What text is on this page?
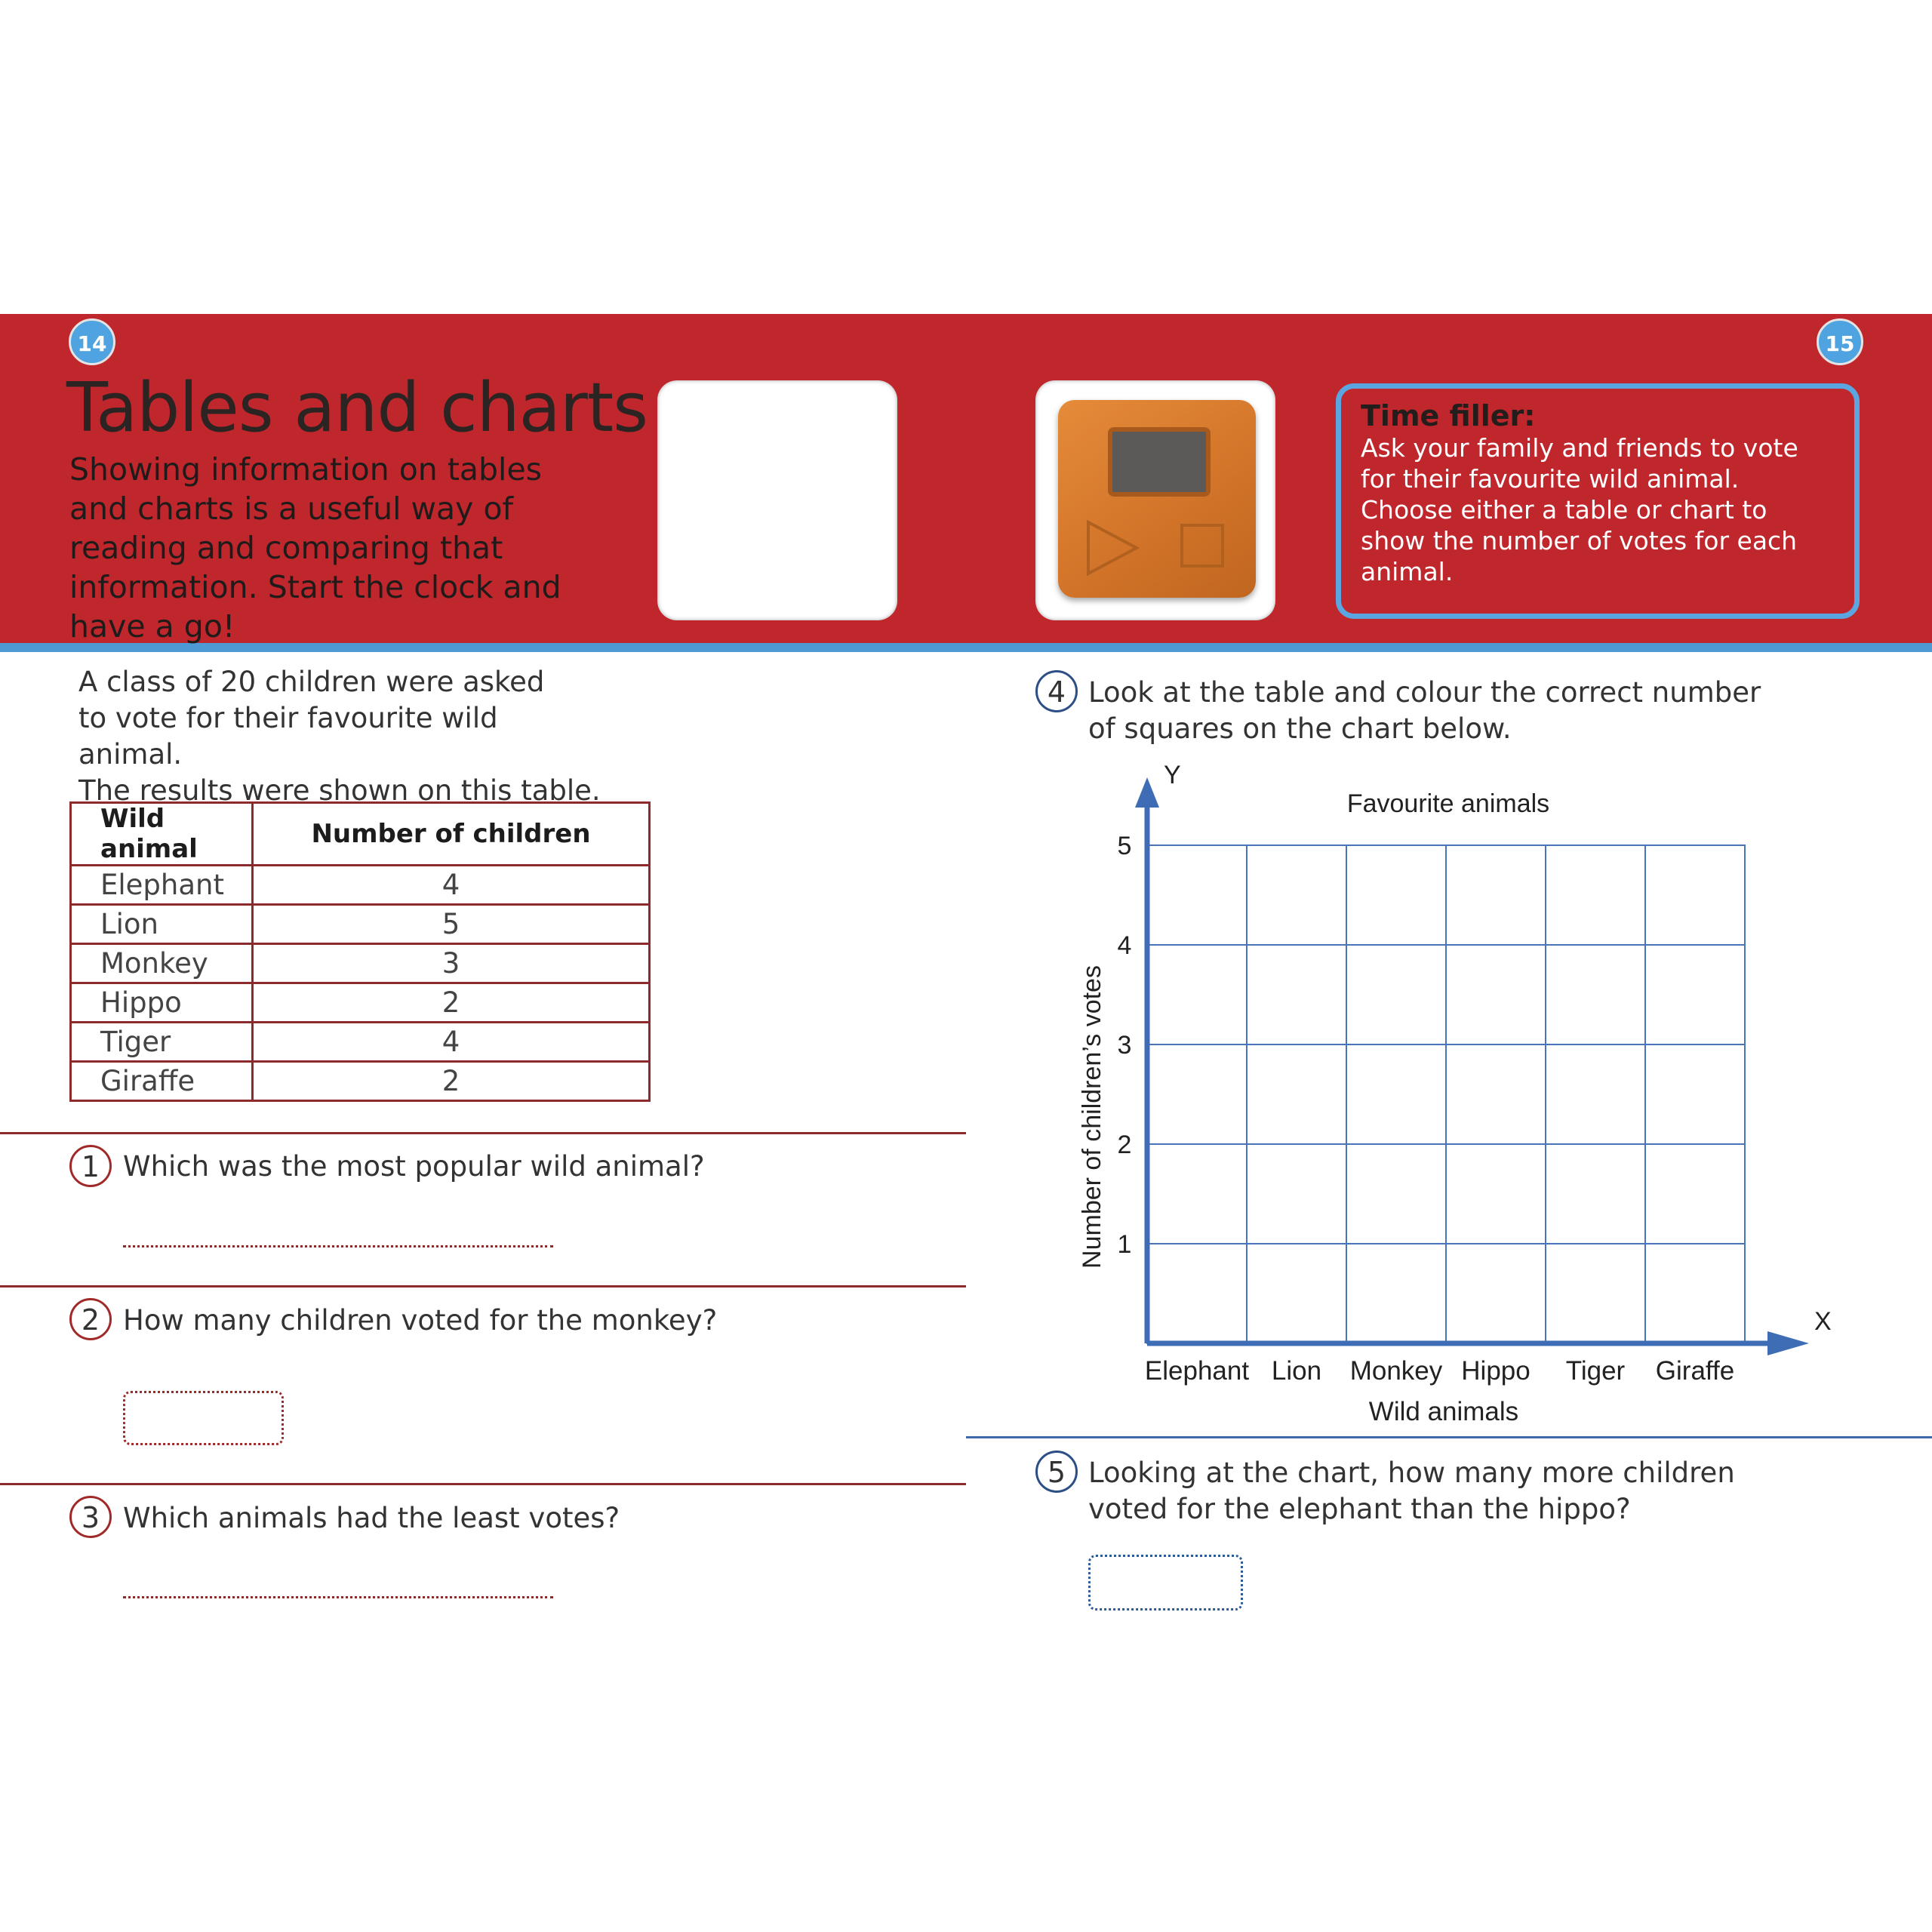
14	15
Tables and charts
Showing information on tables and charts is a useful way of reading and comparing that information. Start the clock and have a go!
Time filler:
Ask your family and friends to vote for their favourite wild animal. Choose either a table or chart to show the number of votes for each animal.
A class of 20 children were asked
to vote for their favourite wild animal.
The results were shown on this table.
Wild animal	Number of children
Elephant	4
Lion	5
Monkey	3
Hippo	2
Tiger	4
Giraffe	2
1 Which was the most popular wild animal?
2 How many children voted for the monkey?
3 Which animals had the least votes?
4 Look at the table and colour the correct number
of squares on the chart below.
Y
X
Favourite animals
1
2
3
4
5
Number of children’s votes
Elephant Lion Monkey Hippo Tiger Giraffe
Wild animals
5 Looking at the chart, how many more children
voted for the elephant than the hippo?
